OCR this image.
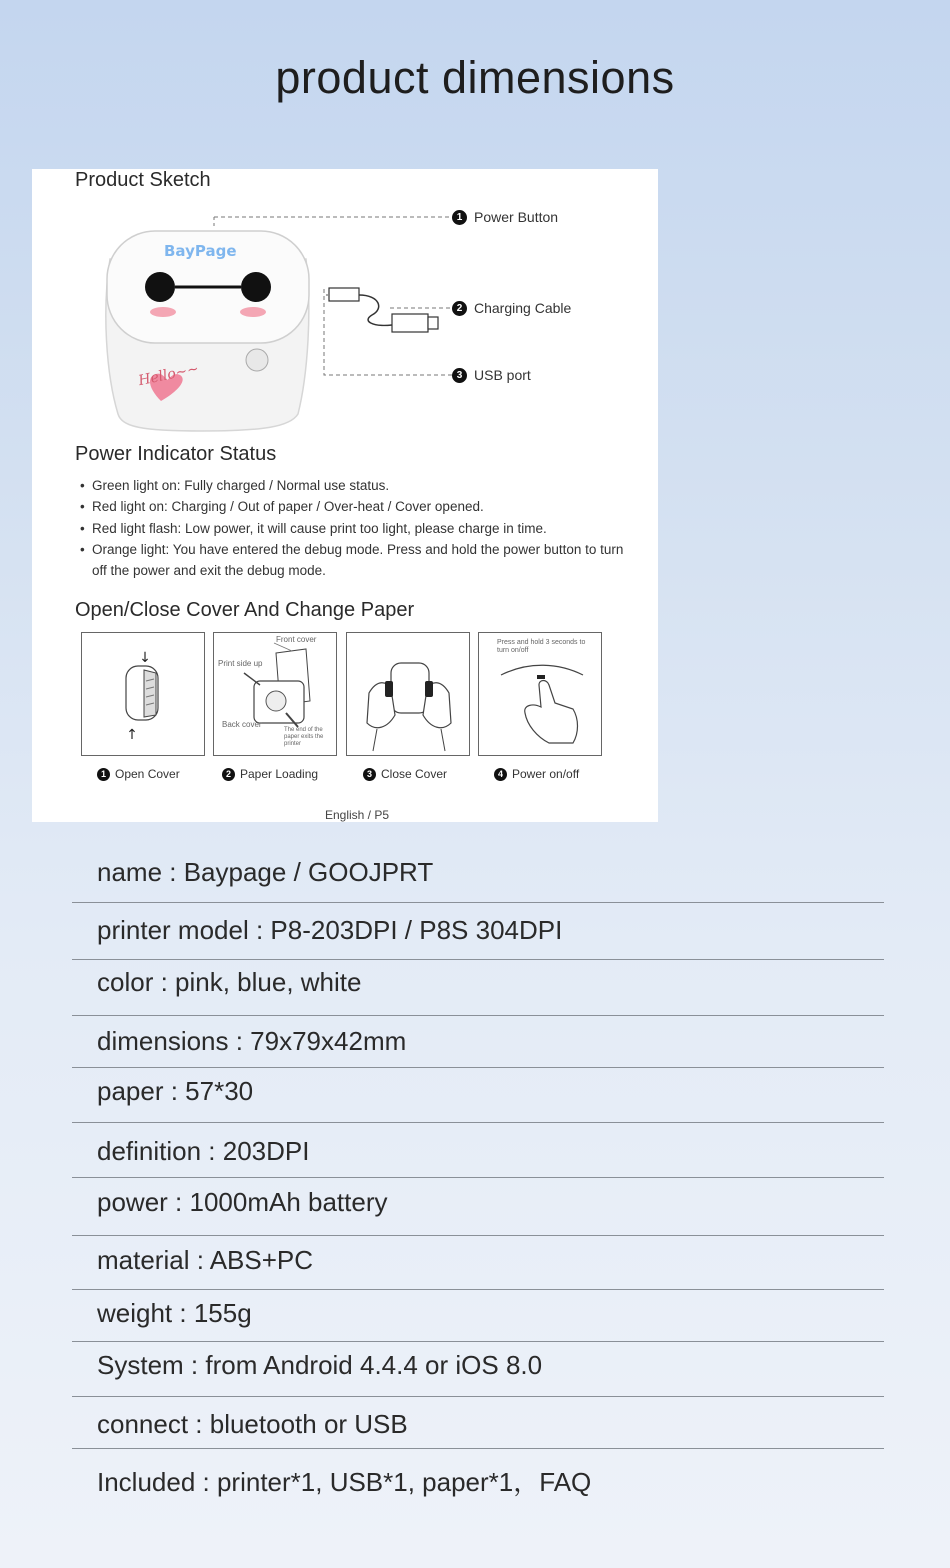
product dimensions
Product Sketch
BayPage
Hello~~
1 Power Button
2 Charging Cable
3 USB port
Power Indicator Status
• Green light on: Fully charged / Normal use status.
• Red light on: Charging / Out of paper / Over-heat / Cover opened.
• Red light flash: Low power, it will cause print too light, please charge in time.
• Orange light: You have entered the debug mode. Press and hold the power button to turn off the power and exit the debug mode.
Open/Close Cover And Change Paper
↓
↑
Front cover
Print side up
Back cover
The end of the paper exits the printer
Press and hold 3 seconds to turn on/off
1 Open Cover	2 Paper Loading	3 Close Cover	4 Power on/off
English / P5
name : Baypage / GOOJPRT
printer model : P8-203DPI / P8S 304DPI
color : pink, blue, white
dimensions : 79x79x42mm
paper : 57*30
definition : 203DPI
power : 1000mAh battery
material : ABS+PC
weight : 155g
System : from Android 4.4.4 or iOS 8.0
connect : bluetooth or USB
Included : printer*1, USB*1, paper*1，FAQ
